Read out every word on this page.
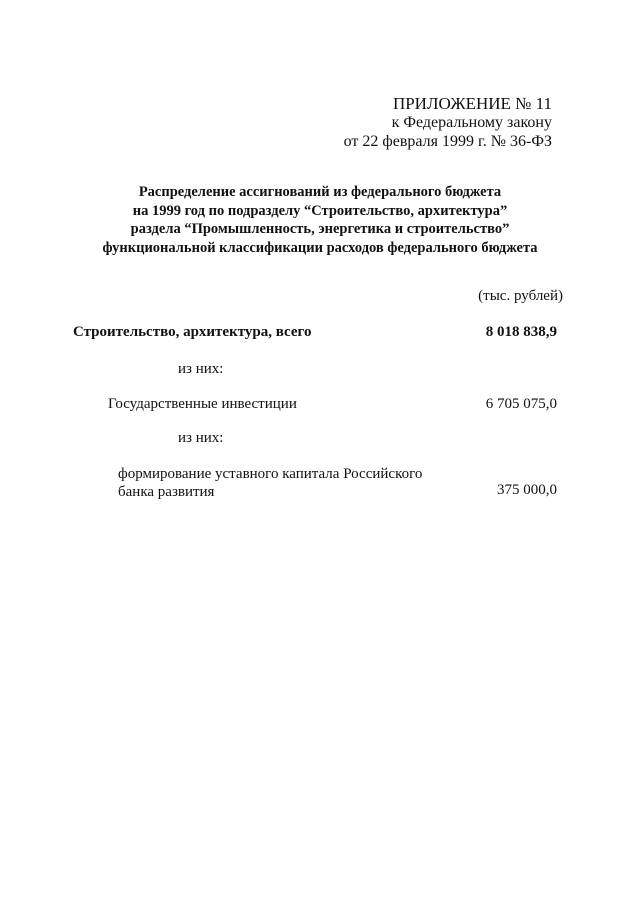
ПРИЛОЖЕНИЕ № 11
к Федеральному закону
от 22 февраля 1999 г. № 36-ФЗ
Распределение ассигнований из федерального бюджета
на 1999 год по подразделу “Строительство, архитектура”
раздела “Промышленность, энергетика и строительство”
функциональной классификации расходов федерального бюджета
(тыс. рублей)
Строительство, архитектура, всего	8 018 838,9
из них:
Государственные инвестиции	6 705 075,0
из них:
формирование уставного капитала Российского
банка развития	375 000,0
